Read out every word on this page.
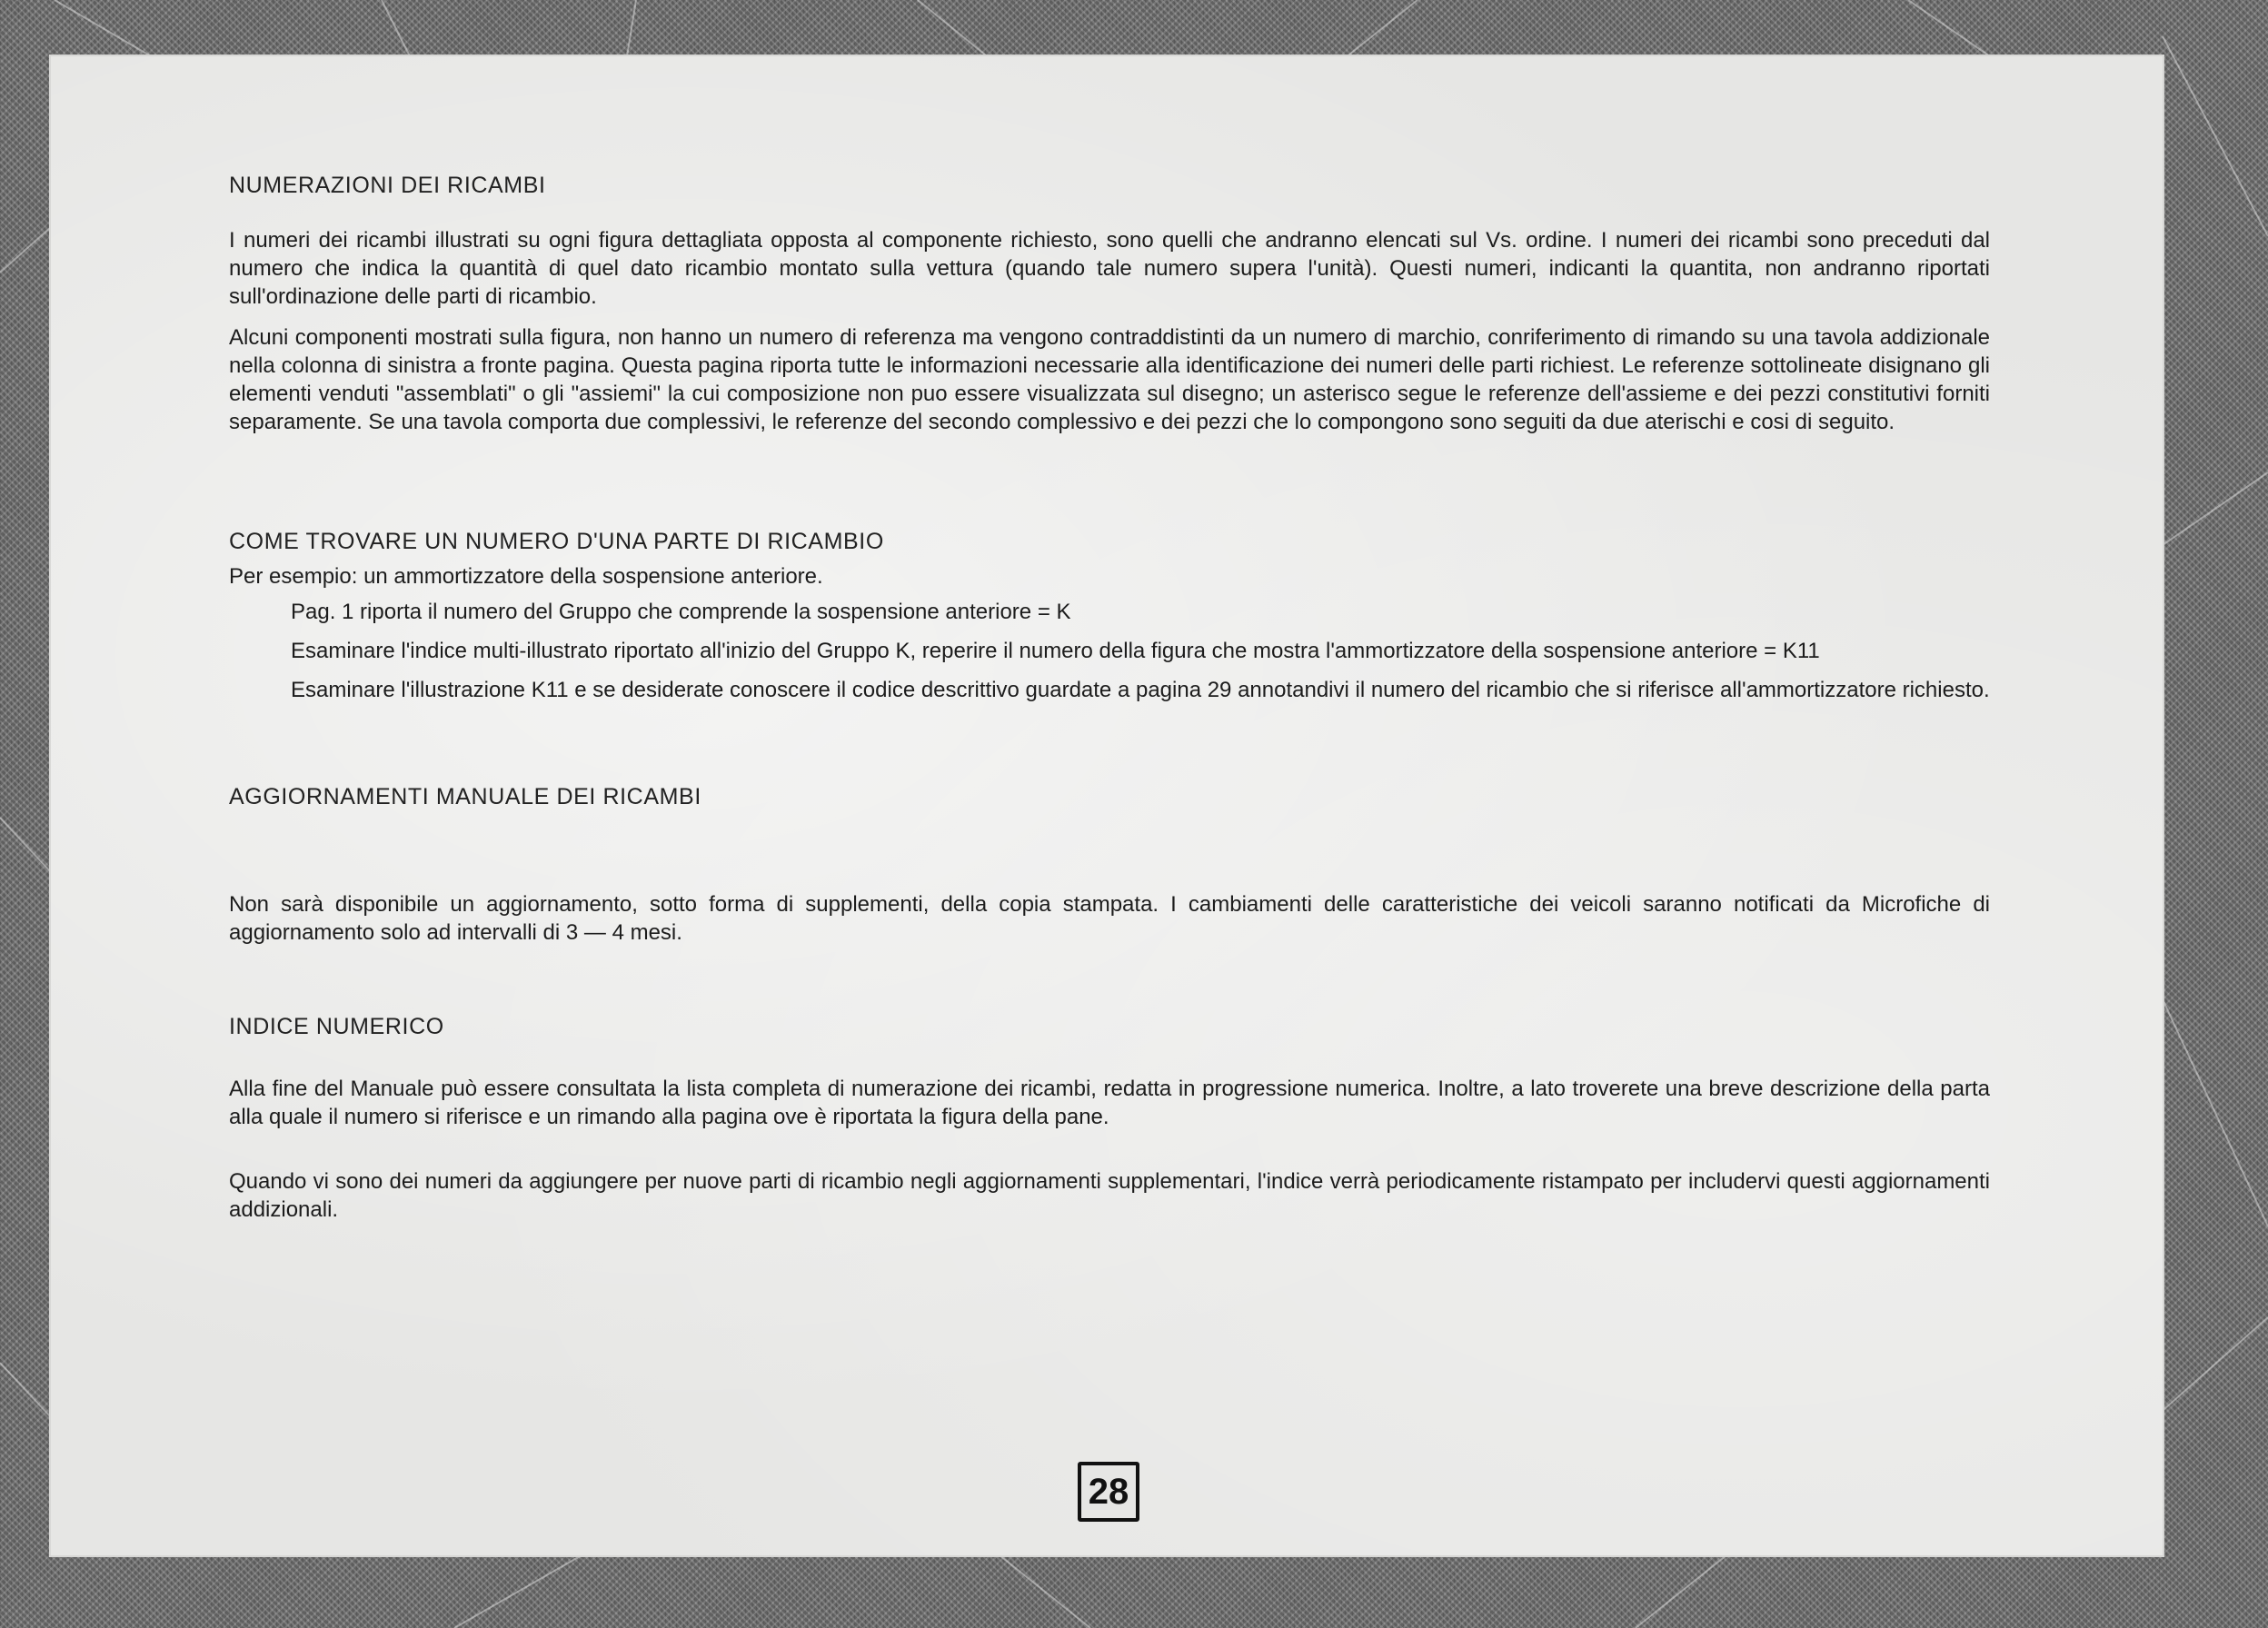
NUMERAZIONI DEI RICAMBI

I numeri dei ricambi illustrati su ogni figura dettagliata opposta al componente richiesto, sono quelli che andranno elencati sul Vs. ordine. I numeri dei ricambi sono preceduti dal numero che indica la quantità di quel dato ricambio montato sulla vettura (quando tale numero supera l'unità). Questi numeri, indicanti la quantita, non andranno riportati sull'ordinazione delle parti di ricambio.

Alcuni componenti mostrati sulla figura, non hanno un numero di referenza ma vengono contraddistinti da un numero di marchio, conriferimento di rimando su una tavola addizionale nella colonna di sinistra a fronte pagina. Questa pagina riporta tutte le informazioni necessarie alla identificazione dei numeri delle parti richiest. Le referenze sottolineate disignano gli elementi venduti "assemblati" o gli "assiemi" la cui composizione non puo essere visualizzata sul disegno; un asterisco segue le referenze dell'assieme e dei pezzi constitutivi forniti separamente. Se una tavola comporta due complessivi, le referenze del secondo complessivo e dei pezzi che lo compongono sono seguiti da due aterischi e cosi di seguito.

COME TROVARE UN NUMERO D'UNA PARTE DI RICAMBIO

Per esempio: un ammortizzatore della sospensione anteriore.

Pag. 1 riporta il numero del Gruppo che comprende la sospensione anteriore = K

Esaminare l'indice multi-illustrato riportato all'inizio del Gruppo K, reperire il numero della figura che mostra l'ammortizzatore della sospensione anteriore = K11

Esaminare l'illustrazione K11 e se desiderate conoscere il codice descrittivo guardate a pagina 29 annotandivi il numero del ricambio che si riferisce all'ammortizzatore richiesto.

AGGIORNAMENTI MANUALE DEI RICAMBI

Non sarà disponibile un aggiornamento, sotto forma di supplementi, della copia stampata. I cambiamenti delle caratteristiche dei veicoli saranno notificati da Microfiche di aggiornamento solo ad intervalli di 3 — 4 mesi.

INDICE NUMERICO

Alla fine del Manuale può essere consultata la lista completa di numerazione dei ricambi, redatta in progressione numerica. Inoltre, a lato troverete una breve descrizione della parta alla quale il numero si riferisce e un rimando alla pagina ove è riportata la figura della pane.

Quando vi sono dei numeri da aggiungere per nuove parti di ricambio negli aggiornamenti supplementari, l'indice verrà periodicamente ristampato per includervi questi aggiornamenti addizionali.

28
